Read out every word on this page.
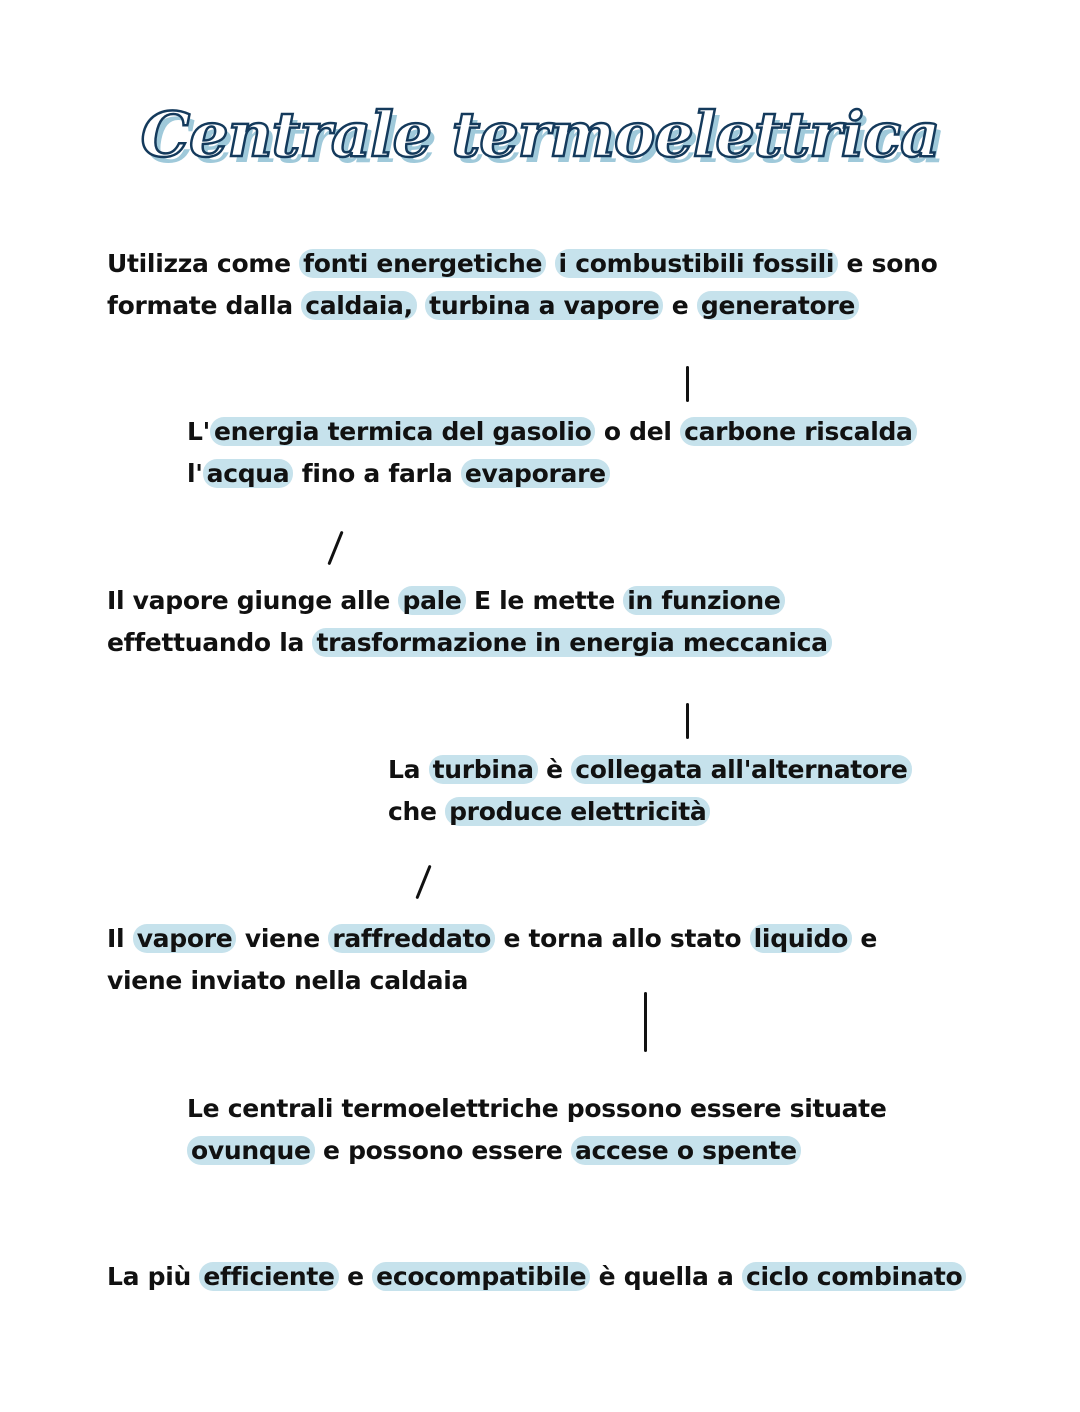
Centrale termoelettrica
Utilizza come fonti energetiche i combustibili fossili e sono
formate dalla caldaia, turbina a vapore e generatore
L' energia termica del gasolio o del carbone riscalda
l' acqua fino a farla evaporare
Il vapore giunge alle pale E le mette in funzione
effettuando la trasformazione in energia meccanica
La turbina è collegata all'alternatore
che produce elettricità
Il vapore viene raffreddato e torna allo stato liquido e
viene inviato nella caldaia
Le centrali termoelettriche possono essere situate
ovunque e possono essere accese o spente
La più efficiente e ecocompatibile è quella a ciclo combinato
